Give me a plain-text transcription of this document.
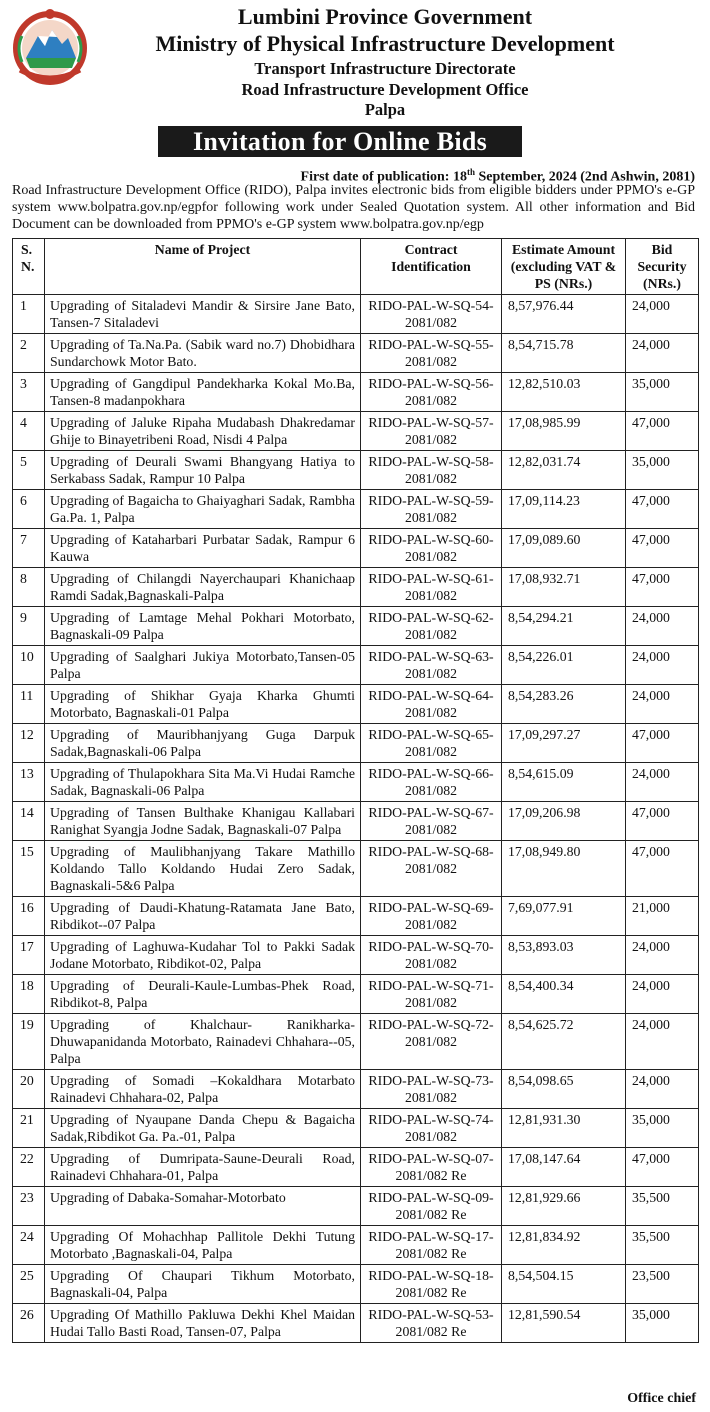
Lumbini Province Government
Ministry of Physical Infrastructure Development
Transport Infrastructure Directorate
Road Infrastructure Development Office
Palpa
Invitation for Online Bids
First date of publication: 18th September, 2024 (2nd Ashwin, 2081)
Road Infrastructure Development Office (RIDO), Palpa invites electronic bids from eligible bidders under PPMO's e-GP system www.bolpatra.gov.np/egpfor following work under Sealed Quotation system. All other information and Bid Document can be downloaded from PPMO's e-GP system www.bolpatra.gov.np/egp
S. N.	Name of Project	Contract Identification	Estimate Amount (excluding VAT & PS (NRs.)	Bid Security (NRs.)
1	Upgrading of Sitaladevi Mandir & Sirsire Jane Bato, Tansen-7 Sitaladevi	RIDO-PAL-W-SQ-54-2081/082	8,57,976.44	24,000
2	Upgrading of Ta.Na.Pa. (Sabik ward no.7) Dhobidhara Sundarchowk Motor Bato.	RIDO-PAL-W-SQ-55-2081/082	8,54,715.78	24,000
3	Upgrading of Gangdipul Pandekharka Kokal Mo.Ba, Tansen-8 madanpokhara	RIDO-PAL-W-SQ-56-2081/082	12,82,510.03	35,000
4	Upgrading of Jaluke Ripaha Mudabash Dhakredamar Ghije to Binayetribeni Road, Nisdi 4 Palpa	RIDO-PAL-W-SQ-57-2081/082	17,08,985.99	47,000
5	Upgrading of Deurali Swami Bhangyang Hatiya to Serkabass Sadak, Rampur 10 Palpa	RIDO-PAL-W-SQ-58-2081/082	12,82,031.74	35,000
6	Upgrading of Bagaicha to Ghaiyaghari Sadak, Rambha Ga.Pa. 1, Palpa	RIDO-PAL-W-SQ-59-2081/082	17,09,114.23	47,000
7	Upgrading of Kataharbari Purbatar Sadak, Rampur 6 Kauwa	RIDO-PAL-W-SQ-60-2081/082	17,09,089.60	47,000
8	Upgrading of Chilangdi Nayerchaupari Khanichaap Ramdi Sadak,Bagnaskali-Palpa	RIDO-PAL-W-SQ-61-2081/082	17,08,932.71	47,000
9	Upgrading of Lamtage Mehal Pokhari Motorbato, Bagnaskali-09 Palpa	RIDO-PAL-W-SQ-62-2081/082	8,54,294.21	24,000
10	Upgrading of Saalghari Jukiya Motorbato,Tansen-05 Palpa	RIDO-PAL-W-SQ-63-2081/082	8,54,226.01	24,000
11	Upgrading of Shikhar Gyaja Kharka Ghumti Motorbato, Bagnaskali-01 Palpa	RIDO-PAL-W-SQ-64-2081/082	8,54,283.26	24,000
12	Upgrading of Mauribhanjyang Guga Darpuk Sadak,Bagnaskali-06 Palpa	RIDO-PAL-W-SQ-65-2081/082	17,09,297.27	47,000
13	Upgrading of Thulapokhara Sita Ma.Vi Hudai Ramche Sadak, Bagnaskali-06 Palpa	RIDO-PAL-W-SQ-66-2081/082	8,54,615.09	24,000
14	Upgrading of Tansen Bulthake Khanigau Kallabari Ranighat Syangja Jodne Sadak, Bagnaskali-07 Palpa	RIDO-PAL-W-SQ-67-2081/082	17,09,206.98	47,000
15	Upgrading of Maulibhanjyang Takare Mathillo Koldando Tallo Koldando Hudai Zero Sadak, Bagnaskali-5&6 Palpa	RIDO-PAL-W-SQ-68-2081/082	17,08,949.80	47,000
16	Upgrading of Daudi-Khatung-Ratamata Jane Bato, Ribdikot--07 Palpa	RIDO-PAL-W-SQ-69-2081/082	7,69,077.91	21,000
17	Upgrading of Laghuwa-Kudahar Tol to Pakki Sadak Jodane Motorbato, Ribdikot-02, Palpa	RIDO-PAL-W-SQ-70-2081/082	8,53,893.03	24,000
18	Upgrading of Deurali-Kaule-Lumbas-Phek Road, Ribdikot-8, Palpa	RIDO-PAL-W-SQ-71-2081/082	8,54,400.34	24,000
19	Upgrading of Khalchaur- Ranikharka-Dhuwapanidanda Motorbato, Rainadevi Chhahara--05, Palpa	RIDO-PAL-W-SQ-72-2081/082	8,54,625.72	24,000
20	Upgrading of Somadi –Kokaldhara Motarbato Rainadevi Chhahara-02, Palpa	RIDO-PAL-W-SQ-73-2081/082	8,54,098.65	24,000
21	Upgrading of Nyaupane Danda Chepu & Bagaicha Sadak,Ribdikot Ga. Pa.-01, Palpa	RIDO-PAL-W-SQ-74-2081/082	12,81,931.30	35,000
22	Upgrading of Dumripata-Saune-Deurali Road, Rainadevi Chhahara-01, Palpa	RIDO-PAL-W-SQ-07-2081/082 Re	17,08,147.64	47,000
23	Upgrading of Dabaka-Somahar-Motorbato	RIDO-PAL-W-SQ-09-2081/082 Re	12,81,929.66	35,500
24	Upgrading Of Mohachhap Pallitole Dekhi Tutung Motorbato ,Bagnaskali-04, Palpa	RIDO-PAL-W-SQ-17-2081/082 Re	12,81,834.92	35,500
25	Upgrading Of Chaupari Tikhum Motorbato, Bagnaskali-04, Palpa	RIDO-PAL-W-SQ-18-2081/082 Re	8,54,504.15	23,500
26	Upgrading Of Mathillo Pakluwa Dekhi Khel Maidan Hudai Tallo Basti Road, Tansen-07, Palpa	RIDO-PAL-W-SQ-53-2081/082 Re	12,81,590.54	35,000
Office chief
